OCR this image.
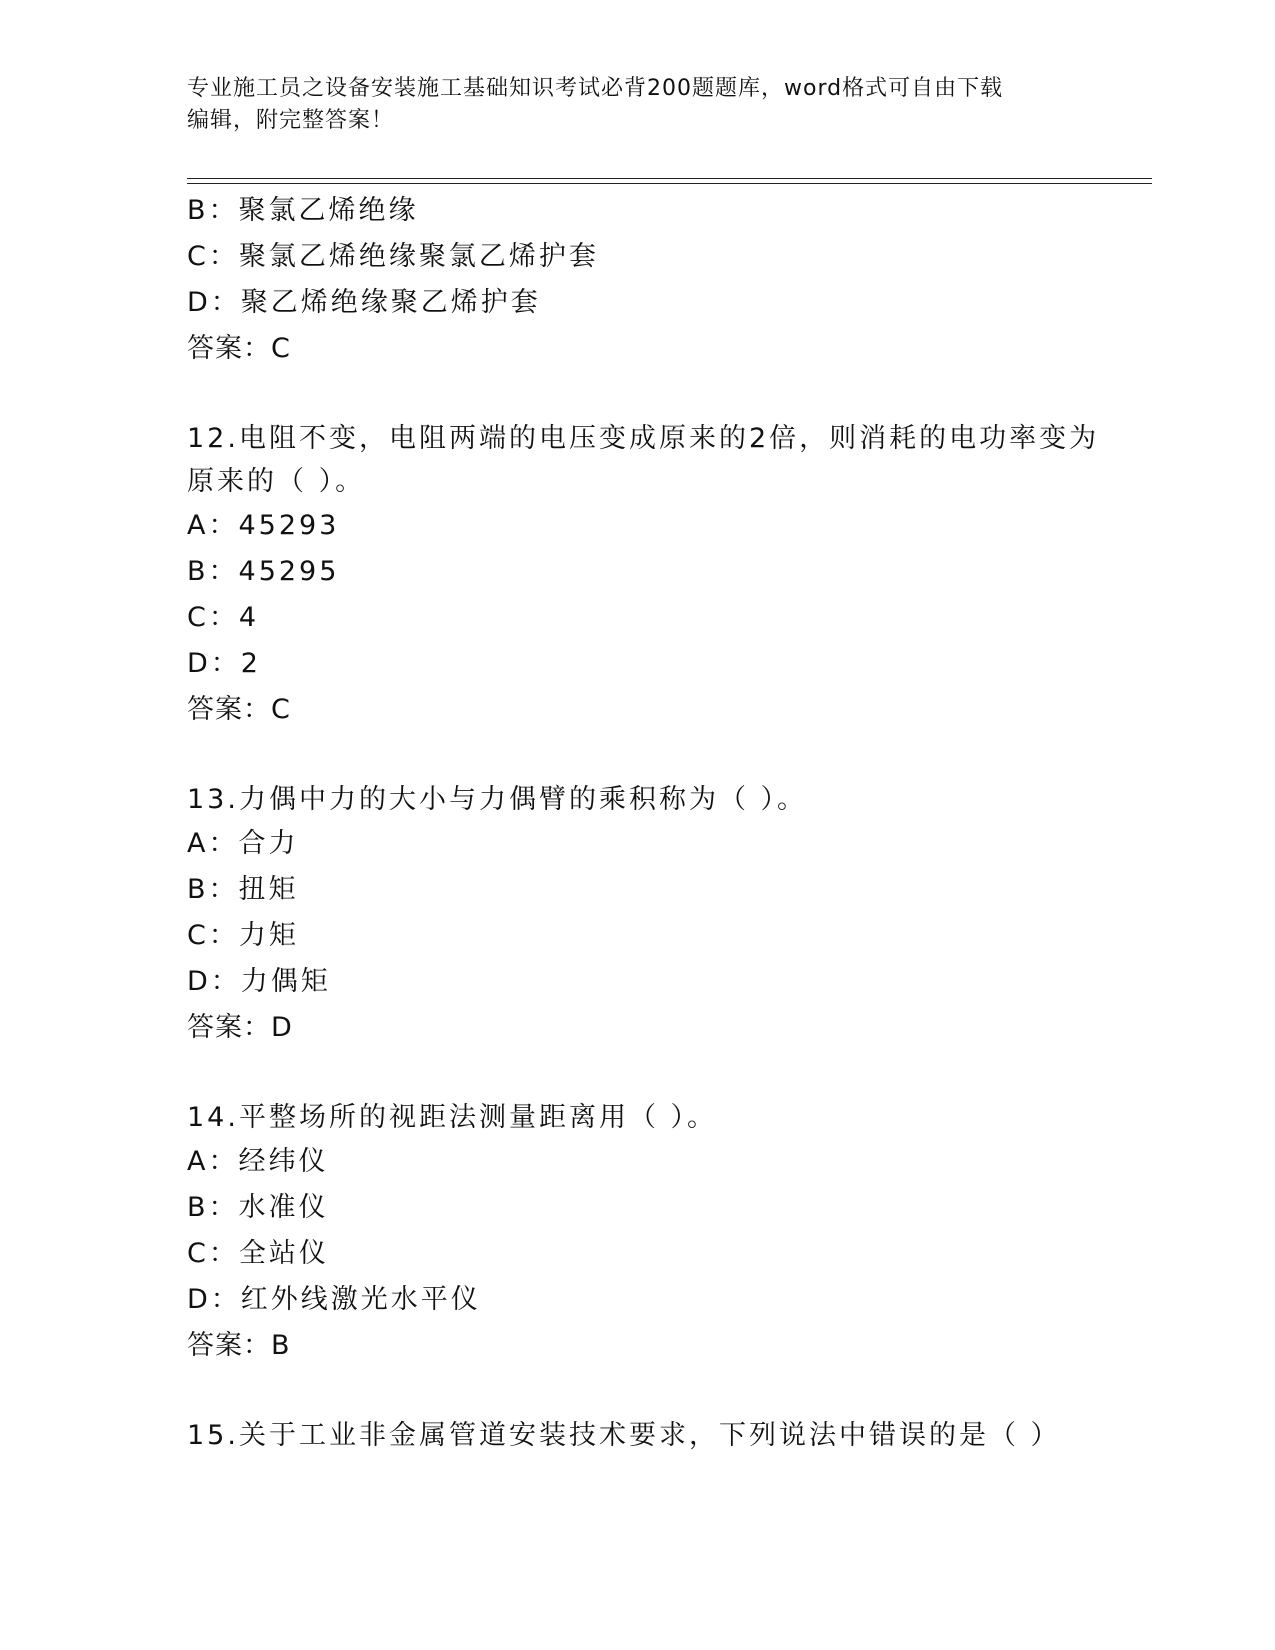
专业施工员之设备安装施工基础知识考试必背200题题库，word格式可自由下载
编辑，附完整答案！
B：聚氯乙烯绝缘
C：聚氯乙烯绝缘聚氯乙烯护套
D：聚乙烯绝缘聚乙烯护套
答案：C
12.电阻不变，电阻两端的电压变成原来的2倍，则消耗的电功率变为
原来的（ ）。
A：45293
B：45295
C：4
D：2
答案：C
13.力偶中力的大小与力偶臂的乘积称为（ ）。
A：合力
B：扭矩
C：力矩
D：力偶矩
答案：D
14.平整场所的视距法测量距离用（ ）。
A：经纬仪
B：水准仪
C：全站仪
D：红外线激光水平仪
答案：B
15.关于工业非金属管道安装技术要求，下列说法中错误的是（ ）
